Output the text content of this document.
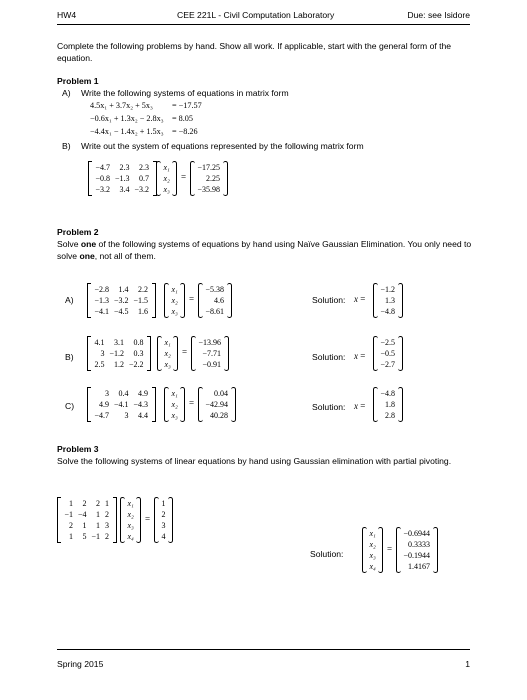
HW4	CEE 221L - Civil Computation Laboratory	Due: see Isidore
Complete the following problems by hand. Show all work. If applicable, start with the general form of the equation.
Problem 1
A) Write the following systems of equations in matrix form
4.5x₁ + 3.7x₂ + 5x₃ = −17.57
−0.6x₁ + 1.3x₂ − 2.8x₃ = 8.05
−4.4x₁ − 1.4x₂ + 1.5x₃ = −8.26
B) Write out the system of equations represented by the following matrix form
−4.7	2.3	2.3
−0.8	−1.3	0.7
−3.2	3.4	−3.2
x₁
x₂
x₃
=
−17.25
2.25
−35.98
Problem 2
Solve one of the following systems of equations by hand using Naïve Gaussian Elimination. You only need to solve one, not all of them.
A)
−2.8	1.4	2.2
−1.3	−3.2	−1.5
−4.1	−4.5	1.6
x₁
x₂
x₃
=
−5.38
4.6
−8.61
Solution: x =
−1.2
1.3
−4.8
B)
4.1	3.1	0.8
3	−1.2	0.3
2.5	1.2	−2.2
x₁
x₂
x₃
=
−13.96
−7.71
−0.91
Solution: x =
−2.5
−0.5
−2.7
C)
3	0.4	4.9
4.9	−4.1	−4.3
−4.7	3	4.4
x₁
x₂
x₃
=
0.04
−42.94
40.28
Solution: x =
−4.8
1.8
2.8
Problem 3
Solve the following systems of linear equations by hand using Gaussian elimination with partial pivoting.
1	2	2	1
−1	−4	1	2
2	1	1	3
1	5	−1	2
x₁
x₂
x₃
x₄
=
1
2
3
4
Solution:
x₁
x₂
x₃
x₄
=
−0.6944
0.3333
−0.1944
1.4167
Spring 2015	1
